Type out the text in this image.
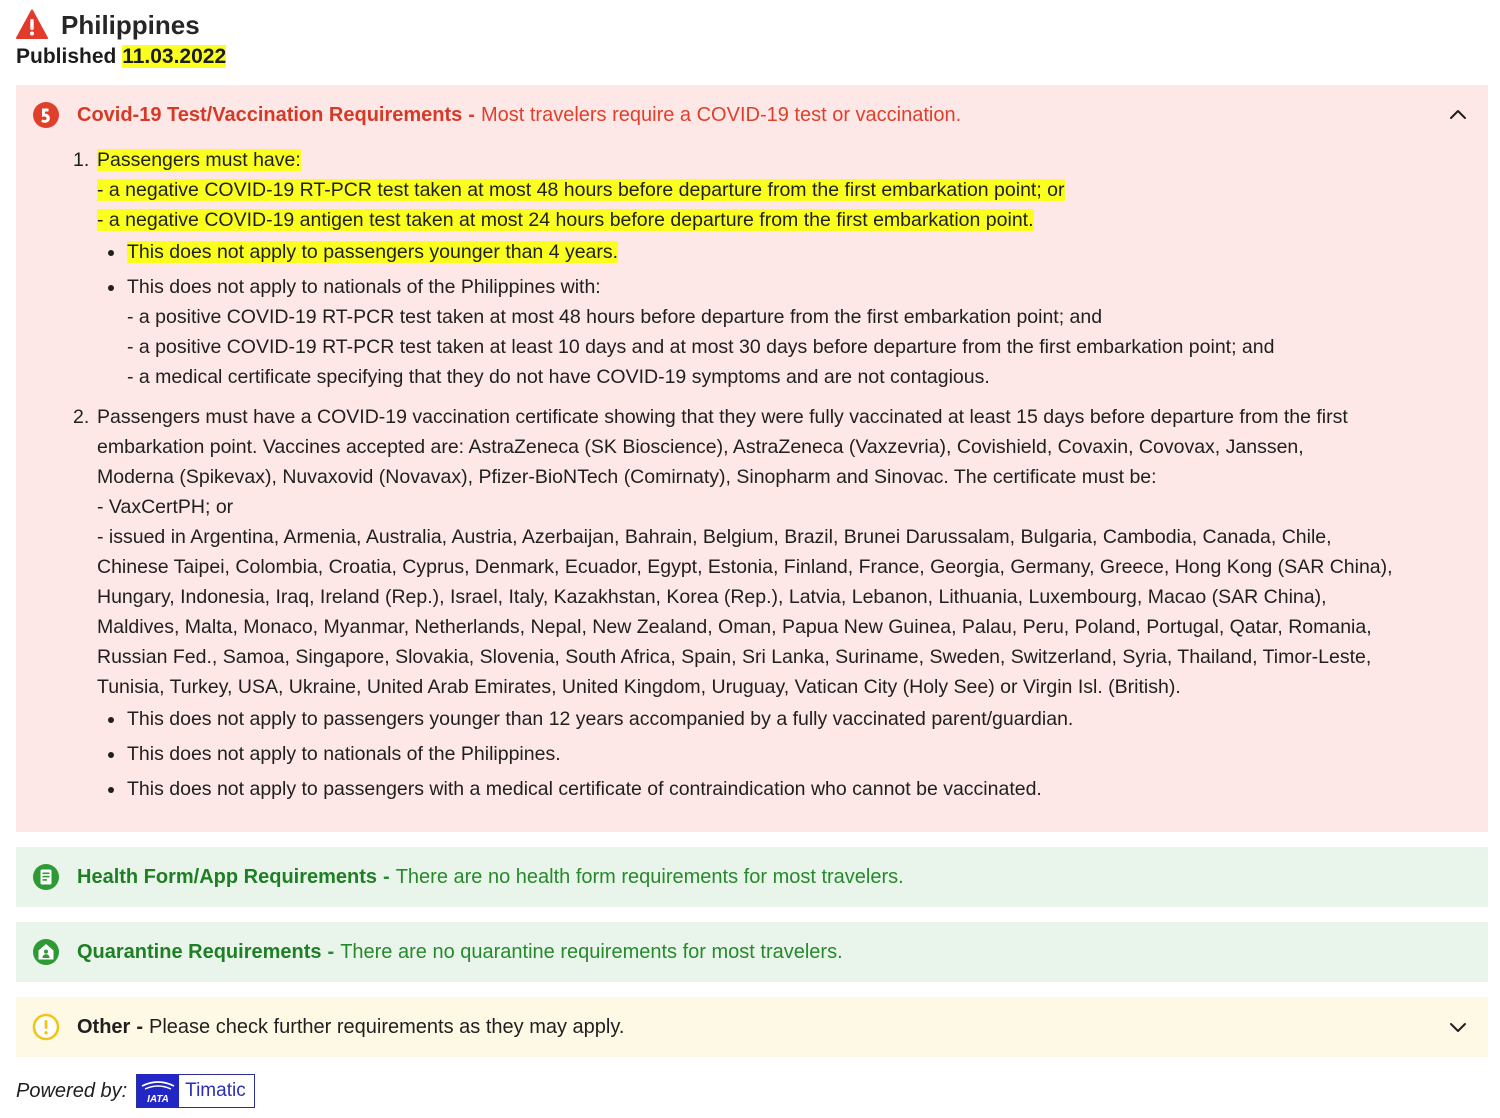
Philippines
Published 11.03.2022
Covid-19 Test/Vaccination Requirements - Most travelers require a COVID-19 test or vaccination.
1. Passengers must have:
- a negative COVID-19 RT-PCR test taken at most 48 hours before departure from the first embarkation point; or
- a negative COVID-19 antigen test taken at most 24 hours before departure from the first embarkation point.
This does not apply to passengers younger than 4 years.
This does not apply to nationals of the Philippines with:
- a positive COVID-19 RT-PCR test taken at most 48 hours before departure from the first embarkation point; and
- a positive COVID-19 RT-PCR test taken at least 10 days and at most 30 days before departure from the first embarkation point; and
- a medical certificate specifying that they do not have COVID-19 symptoms and are not contagious.
2. Passengers must have a COVID-19 vaccination certificate showing that they were fully vaccinated at least 15 days before departure from the first
embarkation point. Vaccines accepted are: AstraZeneca (SK Bioscience), AstraZeneca (Vaxzevria), Covishield, Covaxin, Covovax, Janssen,
Moderna (Spikevax), Nuvaxovid (Novavax), Pfizer-BioNTech (Comirnaty), Sinopharm and Sinovac. The certificate must be:
- VaxCertPH; or
- issued in Argentina, Armenia, Australia, Austria, Azerbaijan, Bahrain, Belgium, Brazil, Brunei Darussalam, Bulgaria, Cambodia, Canada, Chile,
Chinese Taipei, Colombia, Croatia, Cyprus, Denmark, Ecuador, Egypt, Estonia, Finland, France, Georgia, Germany, Greece, Hong Kong (SAR China),
Hungary, Indonesia, Iraq, Ireland (Rep.), Israel, Italy, Kazakhstan, Korea (Rep.), Latvia, Lebanon, Lithuania, Luxembourg, Macao (SAR China),
Maldives, Malta, Monaco, Myanmar, Netherlands, Nepal, New Zealand, Oman, Papua New Guinea, Palau, Peru, Poland, Portugal, Qatar, Romania,
Russian Fed., Samoa, Singapore, Slovakia, Slovenia, South Africa, Spain, Sri Lanka, Suriname, Sweden, Switzerland, Syria, Thailand, Timor-Leste,
Tunisia, Turkey, USA, Ukraine, United Arab Emirates, United Kingdom, Uruguay, Vatican City (Holy See) or Virgin Isl. (British).
This does not apply to passengers younger than 12 years accompanied by a fully vaccinated parent/guardian.
This does not apply to nationals of the Philippines.
This does not apply to passengers with a medical certificate of contraindication who cannot be vaccinated.
Health Form/App Requirements - There are no health form requirements for most travelers.
Quarantine Requirements - There are no quarantine requirements for most travelers.
Other - Please check further requirements as they may apply.
Powered by: IATA Timatic
